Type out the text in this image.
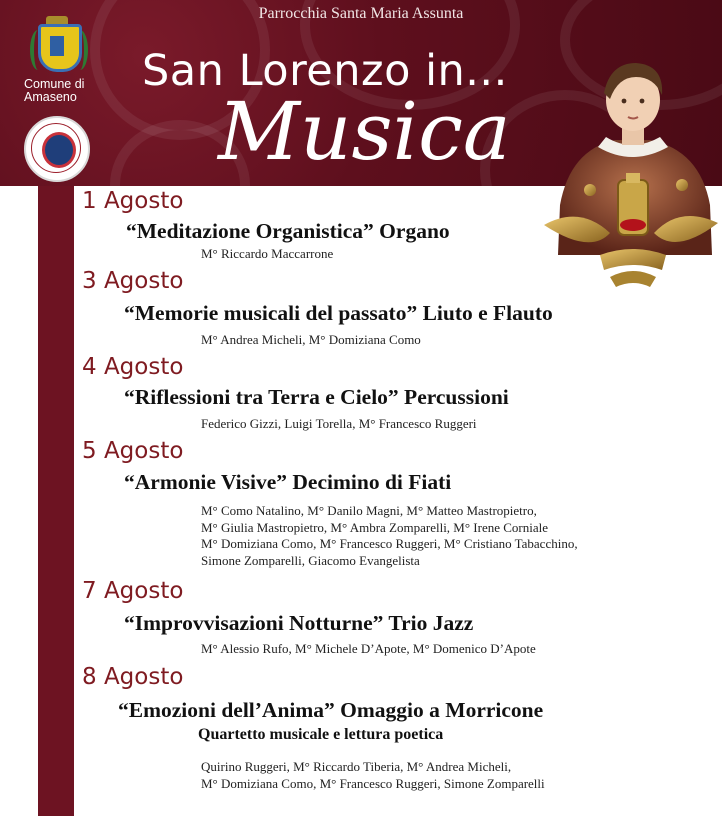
Parrocchia Santa Maria Assunta
San Lorenzo in...
Musica
Comune di
Amaseno
1 Agosto
“Meditazione Organistica” Organo
M° Riccardo Maccarrone
3 Agosto
“Memorie musicali del passato” Liuto e Flauto
M° Andrea Micheli, M° Domiziana Como
4 Agosto
“Riflessioni tra Terra e Cielo” Percussioni
Federico Gizzi, Luigi Torella, M° Francesco Ruggeri
5 Agosto
“Armonie Visive” Decimino di Fiati
M° Como Natalino, M° Danilo Magni, M° Matteo Mastropietro,
M° Giulia Mastropietro, M° Ambra Zomparelli, M° Irene Corniale
M° Domiziana Como, M° Francesco Ruggeri, M° Cristiano Tabacchino,
Simone Zomparelli, Giacomo Evangelista
7 Agosto
“Improvvisazioni Notturne” Trio Jazz
M° Alessio Rufo, M° Michele D’Apote, M° Domenico D’Apote
8 Agosto
“Emozioni dell’Anima” Omaggio a Morricone
Quartetto musicale e lettura poetica
Quirino Ruggeri, M° Riccardo Tiberia, M° Andrea Micheli,
M° Domiziana Como, M° Francesco Ruggeri, Simone Zomparelli
